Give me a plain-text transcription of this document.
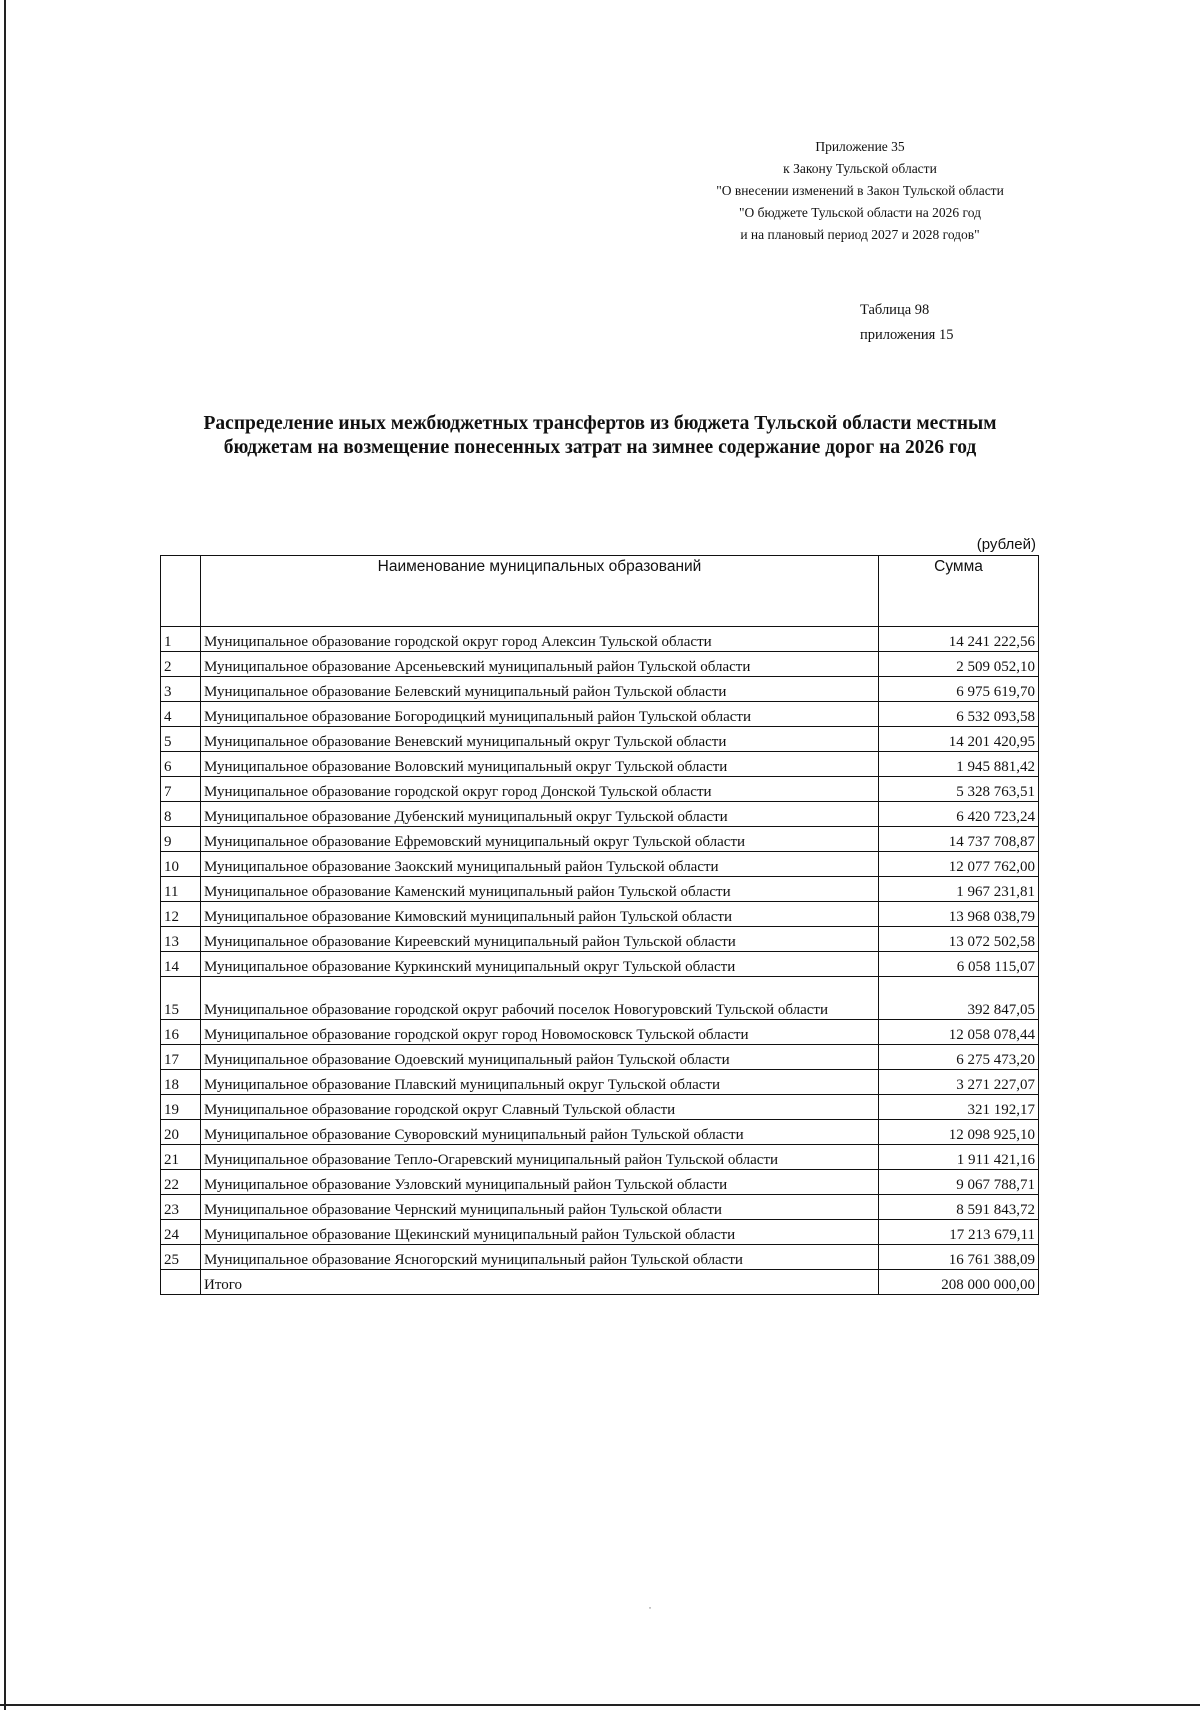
Приложение 35
к Закону Тульской области
"О внесении изменений в Закон Тульской области
"О бюджете Тульской области на 2026 год
и на плановый период 2027 и 2028 годов"
Таблица 98
приложения 15
Распределение иных межбюджетных трансфертов из бюджета Тульской области местным
бюджетам на возмещение понесенных затрат на зимнее содержание дорог на 2026 год
(рублей)
	Наименование муниципальных образований	Сумма
1	Муниципальное образование городской округ город Алексин Тульской области	14 241 222,56
2	Муниципальное образование Арсеньевский муниципальный район Тульской области	2 509 052,10
3	Муниципальное образование Белевский муниципальный район Тульской области	6 975 619,70
4	Муниципальное образование Богородицкий муниципальный район Тульской области	6 532 093,58
5	Муниципальное образование Веневский муниципальный округ Тульской области	14 201 420,95
6	Муниципальное образование Воловский муниципальный округ Тульской области	1 945 881,42
7	Муниципальное образование городской округ город Донской Тульской области	5 328 763,51
8	Муниципальное образование Дубенский муниципальный округ Тульской области	6 420 723,24
9	Муниципальное образование Ефремовский муниципальный округ Тульской области	14 737 708,87
10	Муниципальное образование Заокский муниципальный район Тульской области	12 077 762,00
11	Муниципальное образование Каменский муниципальный район Тульской области	1 967 231,81
12	Муниципальное образование Кимовский муниципальный район Тульской области	13 968 038,79
13	Муниципальное образование Киреевский муниципальный район Тульской области	13 072 502,58
14	Муниципальное образование Куркинский муниципальный округ Тульской области	6 058 115,07
15	Муниципальное образование городской округ рабочий поселок Новогуровский Тульской области	392 847,05
16	Муниципальное образование городской округ город Новомосковск Тульской области	12 058 078,44
17	Муниципальное образование Одоевский муниципальный район Тульской области	6 275 473,20
18	Муниципальное образование Плавский муниципальный округ Тульской области	3 271 227,07
19	Муниципальное образование городской округ Славный Тульской области	321 192,17
20	Муниципальное образование Суворовский муниципальный район Тульской области	12 098 925,10
21	Муниципальное образование Тепло-Огаревский муниципальный район Тульской области	1 911 421,16
22	Муниципальное образование Узловский муниципальный район Тульской области	9 067 788,71
23	Муниципальное образование Чернский муниципальный район Тульской области	8 591 843,72
24	Муниципальное образование Щекинский муниципальный район Тульской области	17 213 679,11
25	Муниципальное образование Ясногорский муниципальный район Тульской области	16 761 388,09
	Итого	208 000 000,00
˙
